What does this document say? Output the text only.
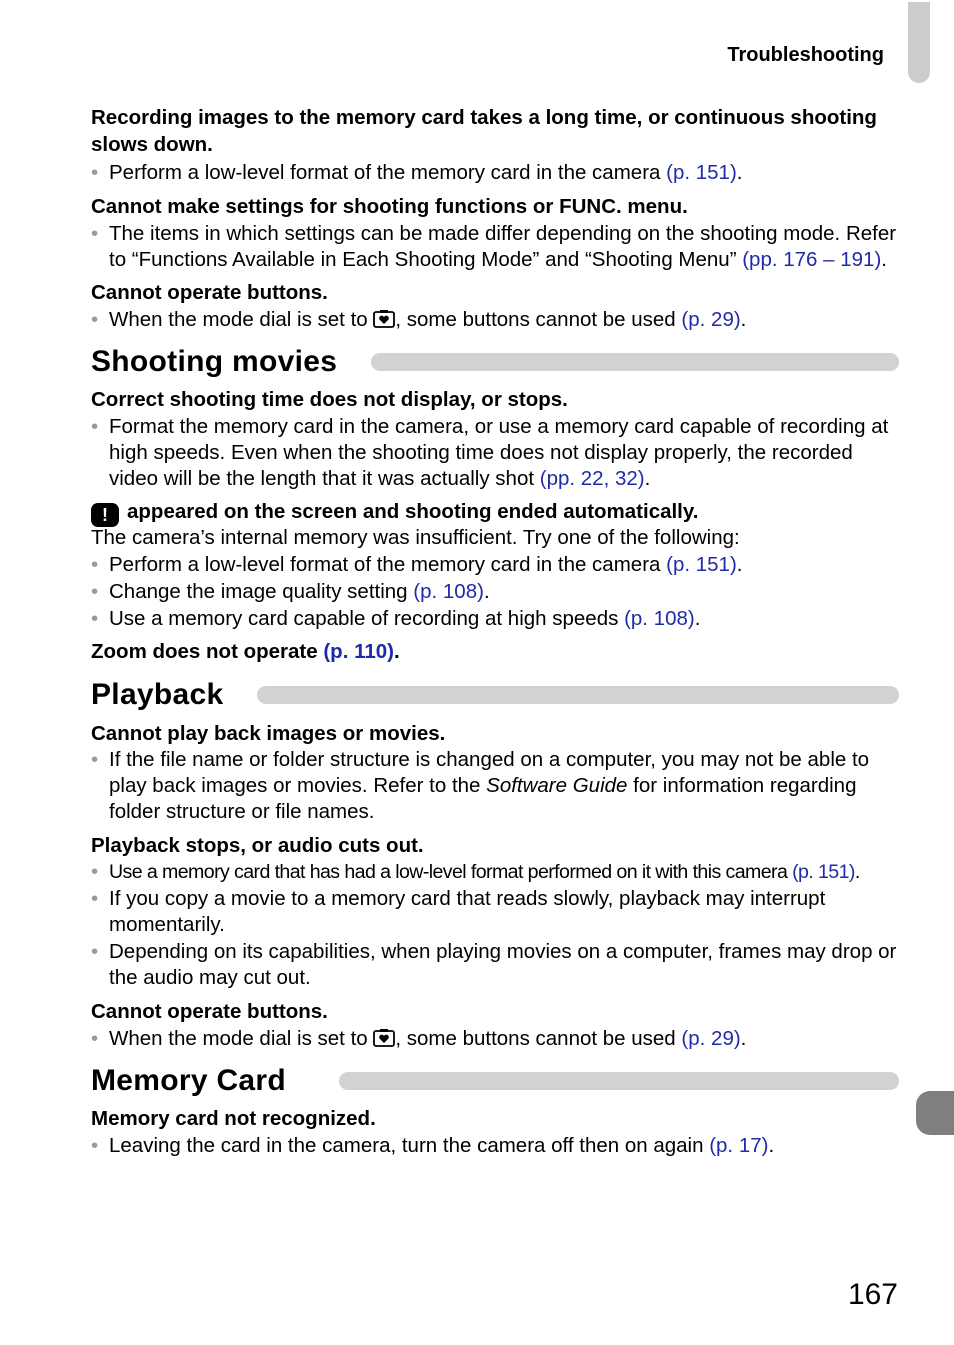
Troubleshooting
Recording images to the memory card takes a long time, or continuous shooting slows down.
• Perform a low-level format of the memory card in the camera (p. 151).
Cannot make settings for shooting functions or FUNC. menu.
• The items in which settings can be made differ depending on the shooting mode. Refer to “Functions Available in Each Shooting Mode” and “Shooting Menu” (pp. 176 – 191).
Cannot operate buttons.
• When the mode dial is set to , some buttons cannot be used (p. 29).
Shooting movies
Correct shooting time does not display, or stops.
• Format the memory card in the camera, or use a memory card capable of recording at high speeds. Even when the shooting time does not display properly, the recorded video will be the length that it was actually shot (pp. 22, 32).
! appeared on the screen and shooting ended automatically.
The camera’s internal memory was insufficient. Try one of the following:
• Perform a low-level format of the memory card in the camera (p. 151).
• Change the image quality setting (p. 108).
• Use a memory card capable of recording at high speeds (p. 108).
Zoom does not operate (p. 110).
Playback
Cannot play back images or movies.
• If the file name or folder structure is changed on a computer, you may not be able to play back images or movies. Refer to the Software Guide for information regarding folder structure or file names.
Playback stops, or audio cuts out.
• Use a memory card that has had a low-level format performed on it with this camera (p. 151).
• If you copy a movie to a memory card that reads slowly, playback may interrupt momentarily.
• Depending on its capabilities, when playing movies on a computer, frames may drop or the audio may cut out.
Cannot operate buttons.
• When the mode dial is set to , some buttons cannot be used (p. 29).
Memory Card
Memory card not recognized.
• Leaving the card in the camera, turn the camera off then on again (p. 17).
167
